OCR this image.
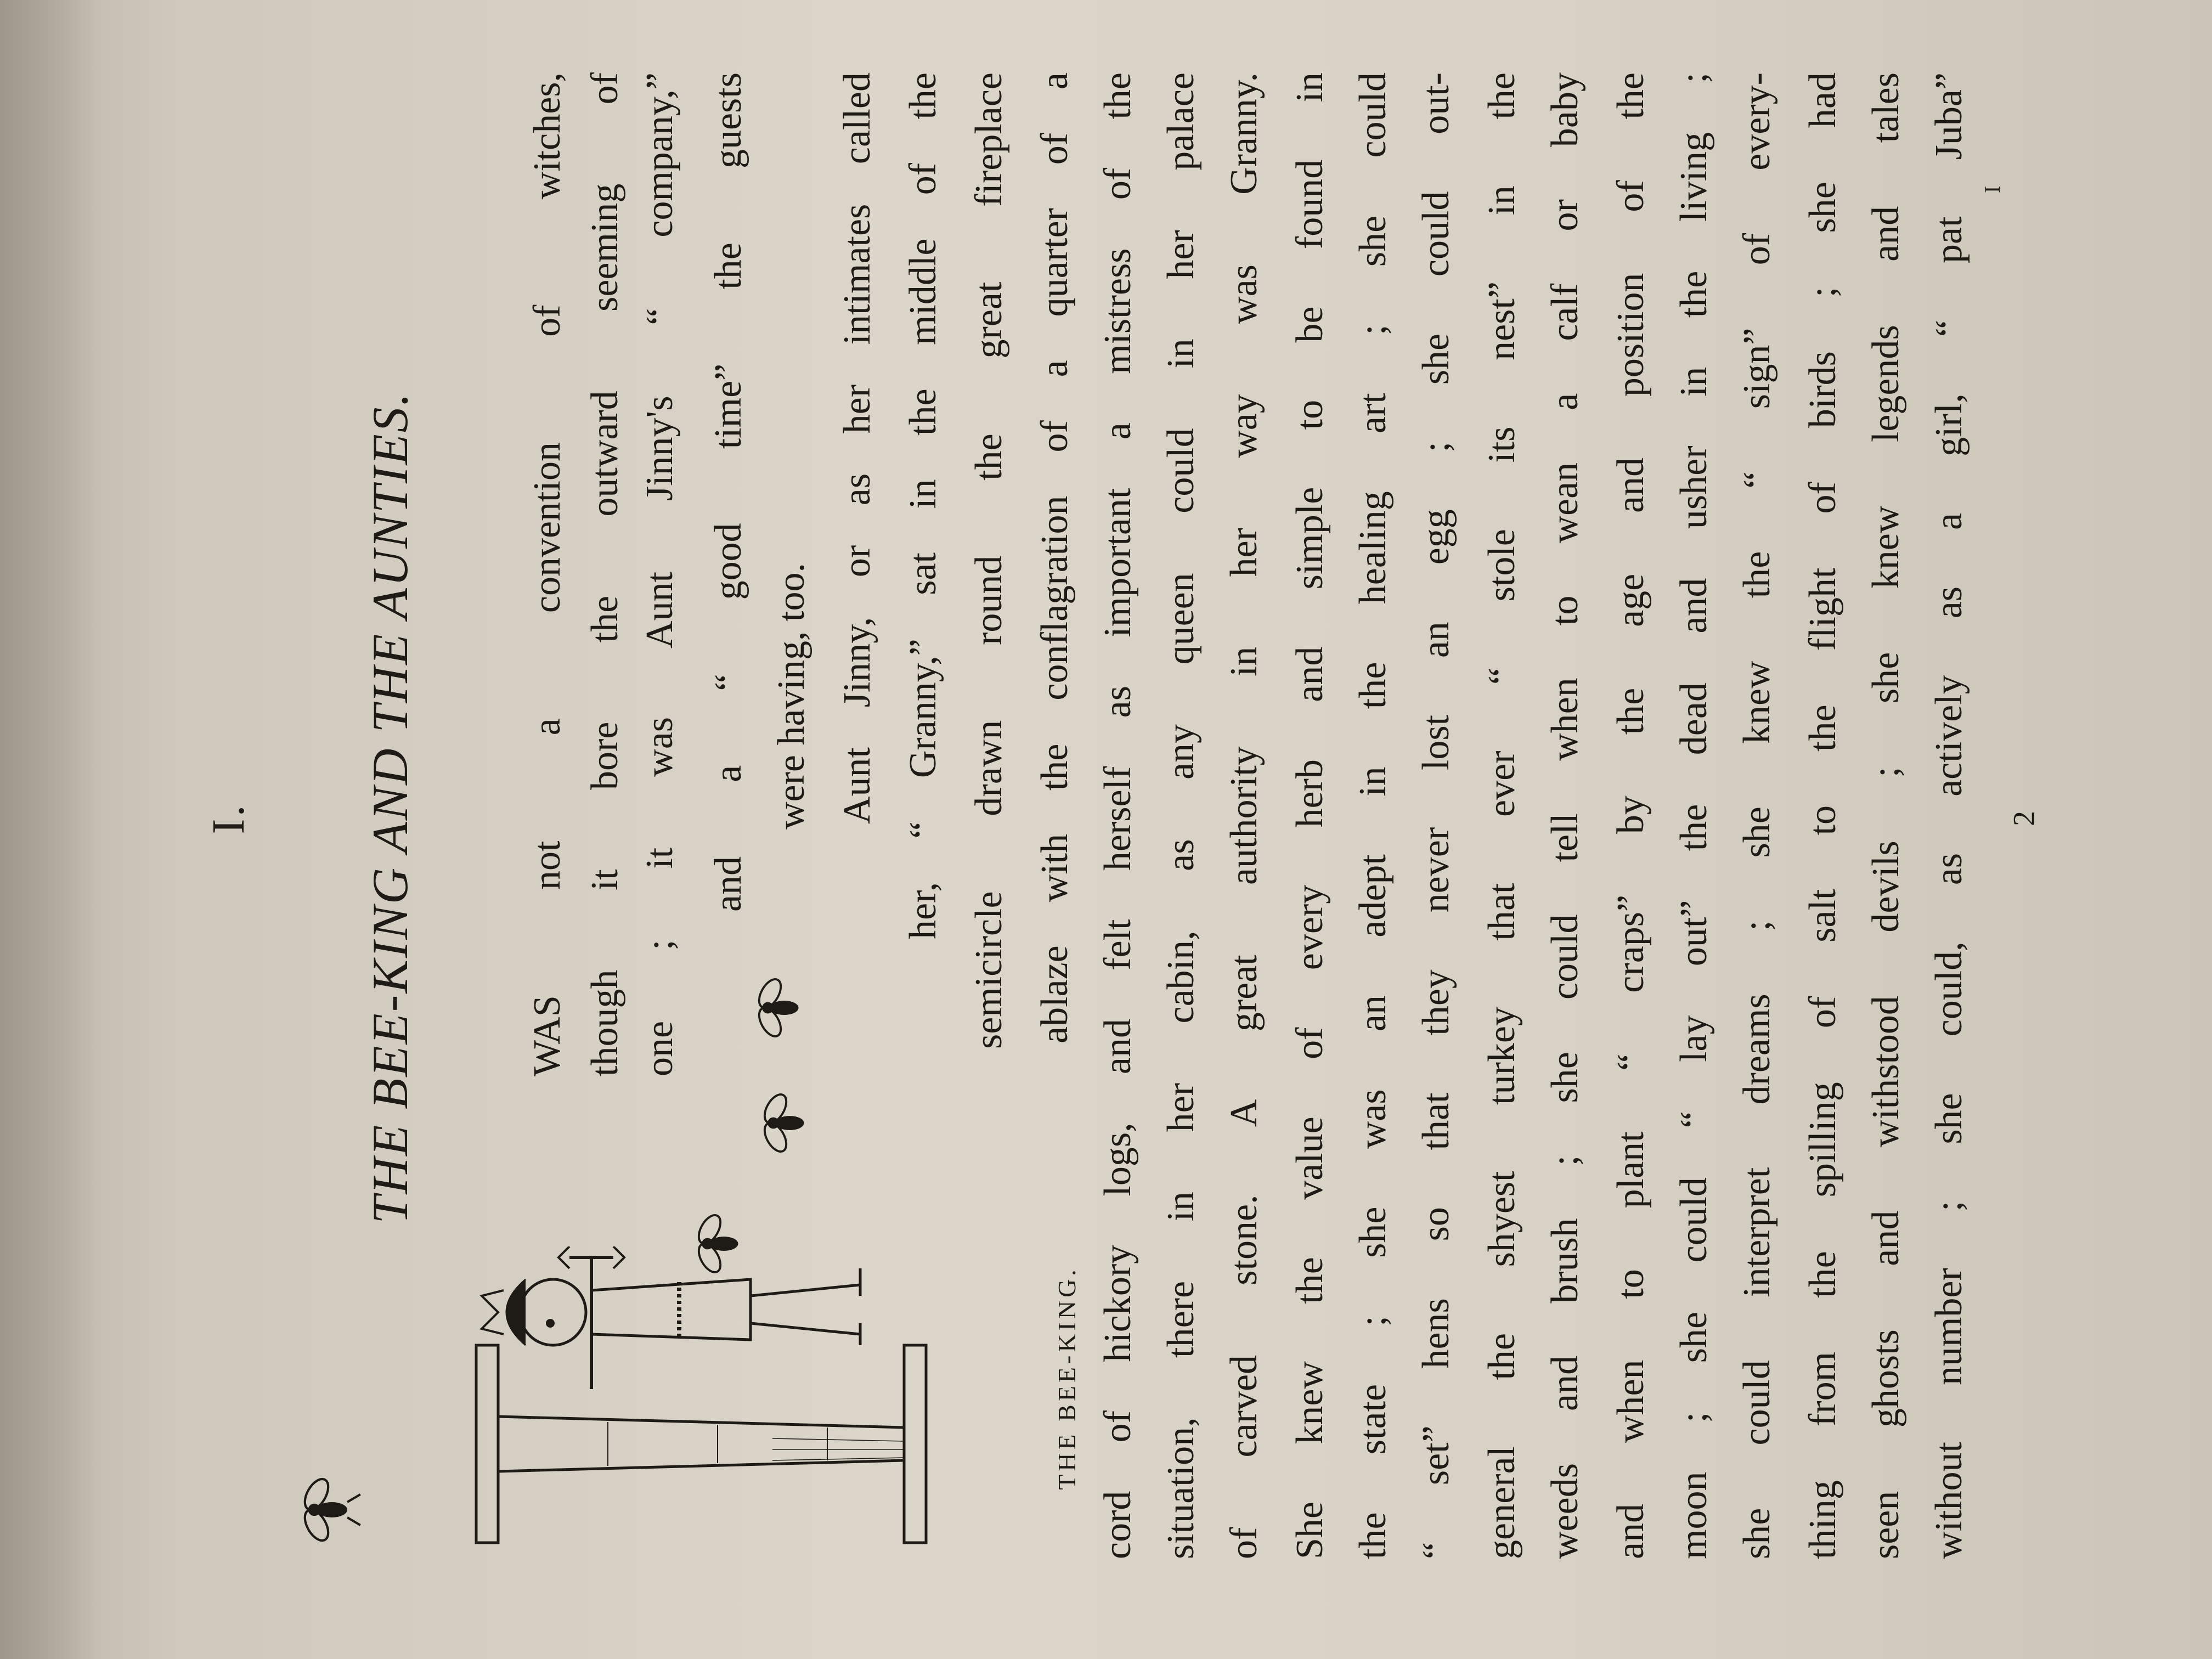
I. THE BEE-KING AND THE AUNTIES.
THE BEE-KING.
WAS not a convention of witches, though it bore the outward seeming of one ; it was Aunt Jinny's “ company,” and a “ good time” the guests were having, too. Aunt Jinny, or as her intimates called her, “ Granny,” sat in the middle of the semicircle drawn round the great fireplace ablaze with the conflagration of a quarter of a cord of hickory logs, and felt herself as important a mistress of the situation, there in her cabin, as any queen could in her palace of carved stone. A great authority in her way was Granny. She knew the value of every herb and simple to be found in the state ; she was an adept in the healing art ; she could “ set” hens so that they never lost an egg ; she could out- general the shyest turkey that ever “ stole its nest” in the weeds and brush ; she could tell when to wean a calf or baby and when to plant “ craps” by the age and position of the moon ; she could “ lay out” the dead and usher in the living ; she could interpret dreams ; she knew the “ sign” of every- thing from the spilling of salt to the flight of birds ; she had seen ghosts and withstood devils ; she knew legends and tales without number ; she could, as actively as a girl, “ pat Juba” 2
I
